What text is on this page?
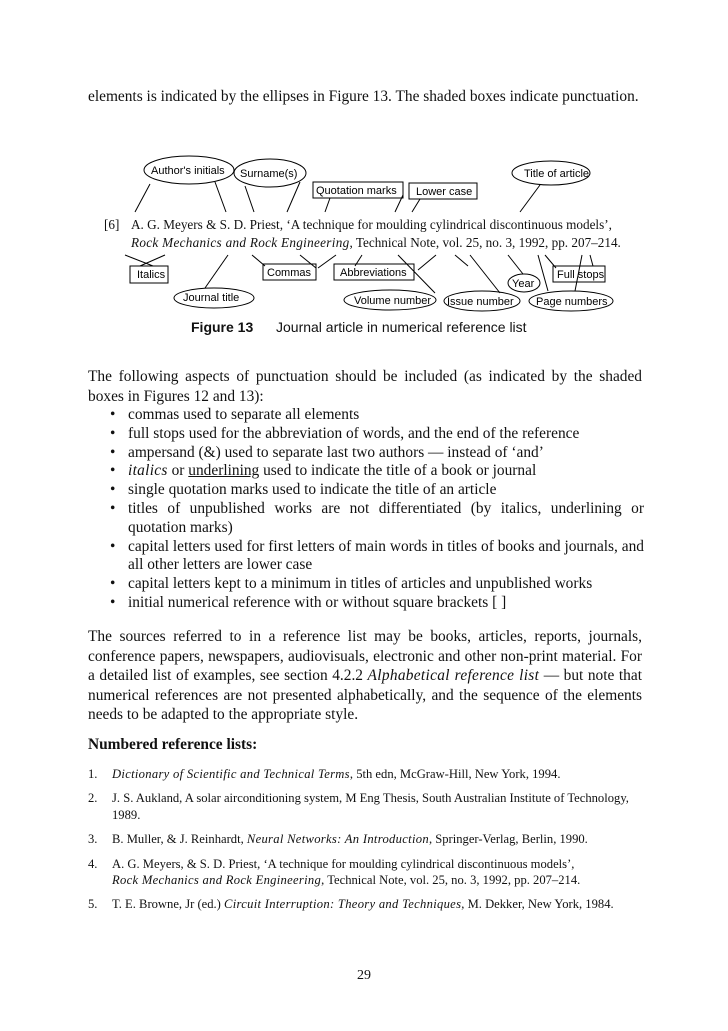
elements is indicated by the ellipses in Figure 13. The shaded boxes indicate punctuation.
Author's initials Surname(s)	Title of article
Quotation marks Lower case
Italics	Commas	Abbreviations
Year
Full stops
Journal title	Volume number Issue number Page numbers
[6] A. G. Meyers & S. D. Priest, ‘A technique for moulding cylindrical discontinuous models’,
Rock Mechanics and Rock Engineering, Technical Note, vol. 25, no. 3, 1992, pp. 207–214.
Figure 13 Journal article in numerical reference list
The following aspects of punctuation should be included (as indicated by the shaded boxes in Figures 12 and 13):
• commas used to separate all elements
• full stops used for the abbreviation of words, and the end of the reference
• ampersand (&) used to separate last two authors — instead of ‘and’
• italics or underlining used to indicate the title of a book or journal
• single quotation marks used to indicate the title of an article
• titles of unpublished works are not differentiated (by italics, underlining or quotation marks)
• capital letters used for first letters of main words in titles of books and journals, and all other letters are lower case
• capital letters kept to a minimum in titles of articles and unpublished works
• initial numerical reference with or without square brackets [ ]
The sources referred to in a reference list may be books, articles, reports, journals, conference papers, newspapers, audiovisuals, electronic and other non-print material. For a detailed list of examples, see section 4.2.2 Alphabetical reference list — but note that numerical references are not presented alphabetically, and the sequence of the elements needs to be adapted to the appropriate style.
Numbered reference lists:
1. Dictionary of Scientific and Technical Terms, 5th edn, McGraw-Hill, New York, 1994.
2. J. S. Aukland, A solar airconditioning system, M Eng Thesis, South Australian Institute of Technology, 1989.
3. B. Muller, & J. Reinhardt, Neural Networks: An Introduction, Springer-Verlag, Berlin, 1990.
4. A. G. Meyers, & S. D. Priest, ‘A technique for moulding cylindrical discontinuous models’, Rock Mechanics and Rock Engineering, Technical Note, vol. 25, no. 3, 1992, pp. 207–214.
5. T. E. Browne, Jr (ed.) Circuit Interruption: Theory and Techniques, M. Dekker, New York, 1984.
29
